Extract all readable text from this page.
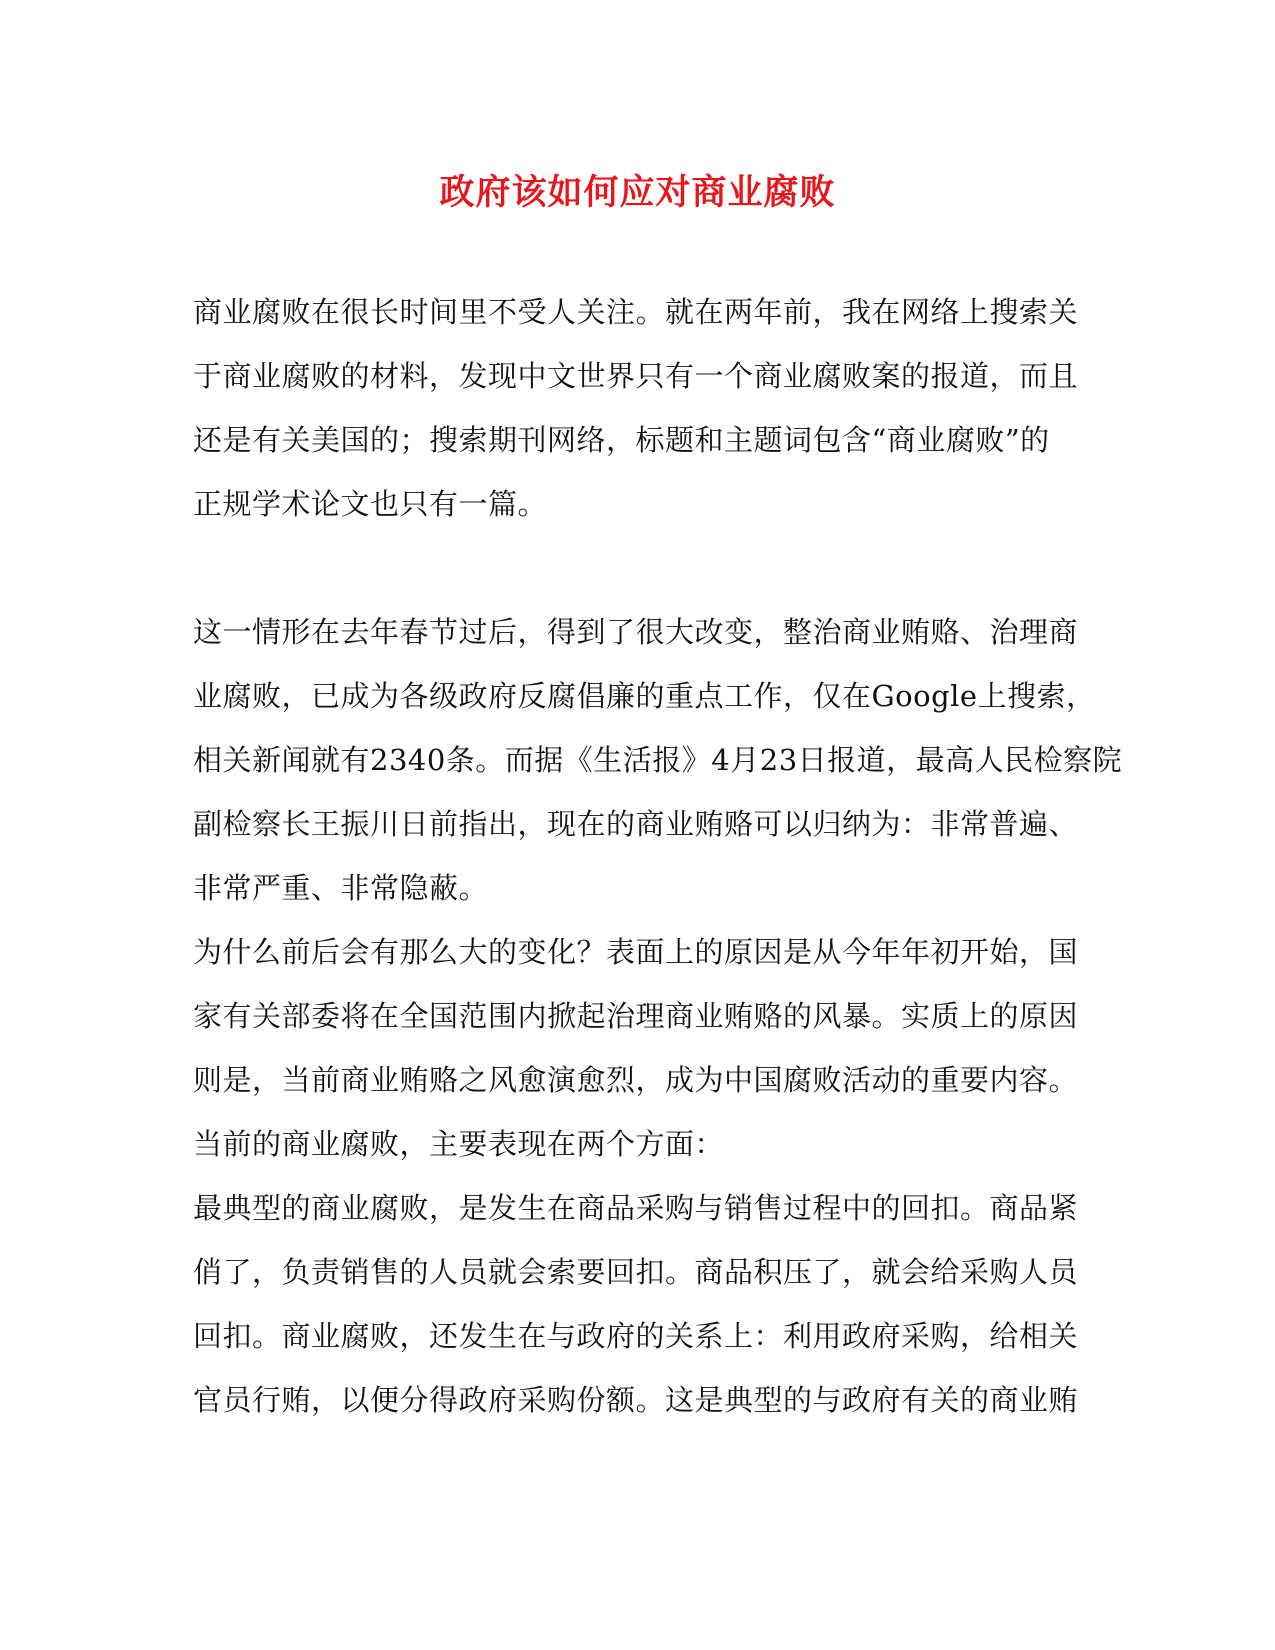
政府该如何应对商业腐败

商业腐败在很长时间里不受人关注。就在两年前，我在网络上搜索关
于商业腐败的材料，发现中文世界只有一个商业腐败案的报道，而且
还是有关美国的；搜索期刊网络，标题和主题词包含“商业腐败”的
正规学术论文也只有一篇。

这一情形在去年春节过后，得到了很大改变，整治商业贿赂、治理商
业腐败，已成为各级政府反腐倡廉的重点工作，仅在Google上搜索，
相关新闻就有2340条。而据《生活报》4月23日报道，最高人民检察院
副检察长王振川日前指出，现在的商业贿赂可以归纳为：非常普遍、
非常严重、非常隐蔽。

为什么前后会有那么大的变化？表面上的原因是从今年年初开始，国
家有关部委将在全国范围内掀起治理商业贿赂的风暴。实质上的原因
则是，当前商业贿赂之风愈演愈烈，成为中国腐败活动的重要内容。

当前的商业腐败，主要表现在两个方面：

最典型的商业腐败，是发生在商品采购与销售过程中的回扣。商品紧
俏了，负责销售的人员就会索要回扣。商品积压了，就会给采购人员
回扣。商业腐败，还发生在与政府的关系上：利用政府采购，给相关
官员行贿，以便分得政府采购份额。这是典型的与政府有关的商业贿
